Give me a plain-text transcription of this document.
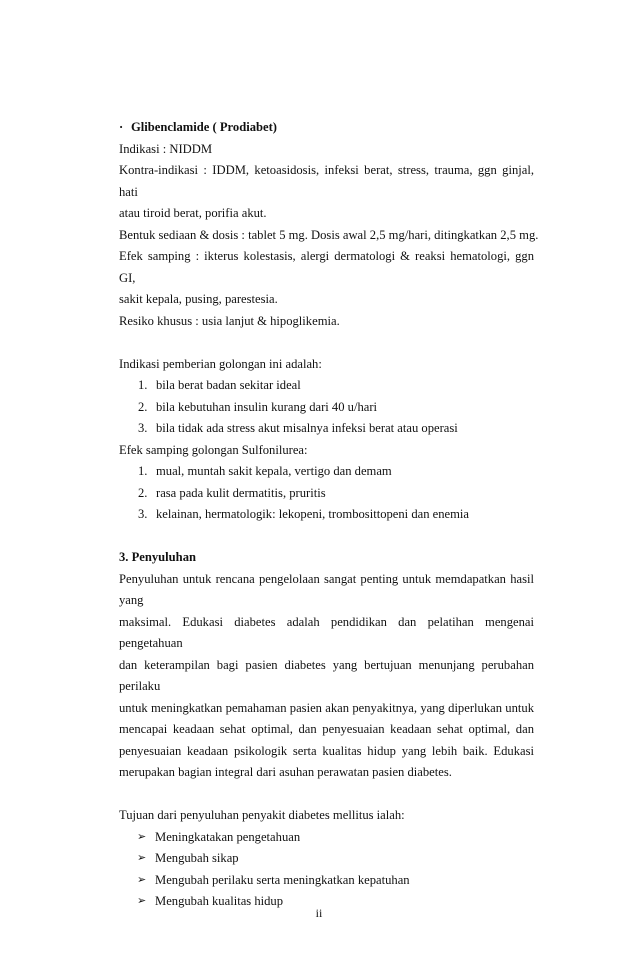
· Glibenclamide ( Prodiabet)
Indikasi : NIDDM
Kontra-indikasi : IDDM, ketoasidosis, infeksi berat, stress, trauma, ggn ginjal, hati
atau tiroid berat, porifia akut.
Bentuk sediaan & dosis : tablet 5 mg. Dosis awal 2,5 mg/hari, ditingkatkan 2,5 mg.
Efek samping : ikterus kolestasis, alergi dermatologi & reaksi hematologi, ggn GI,
sakit kepala, pusing, parestesia.
Resiko khusus : usia lanjut & hipoglikemia.
Indikasi pemberian golongan ini adalah:
1. bila berat badan sekitar ideal
2. bila kebutuhan insulin kurang dari 40 u/hari
3. bila tidak ada stress akut misalnya infeksi berat atau operasi
Efek samping golongan Sulfonilurea:
1. mual, muntah sakit kepala, vertigo dan demam
2. rasa pada kulit dermatitis, pruritis
3. kelainan, hermatologik: lekopeni, trombosittopeni dan enemia
3. Penyuluhan
Penyuluhan untuk rencana pengelolaan sangat penting untuk memdapatkan hasil yang
maksimal. Edukasi diabetes adalah pendidikan dan pelatihan mengenai pengetahuan
dan keterampilan bagi pasien diabetes yang bertujuan menunjang perubahan perilaku
untuk meningkatkan pemahaman pasien akan penyakitnya, yang diperlukan untuk
mencapai keadaan sehat optimal, dan penyesuaian keadaan sehat optimal, dan
penyesuaian keadaan psikologik serta kualitas hidup yang lebih baik. Edukasi
merupakan bagian integral dari asuhan perawatan pasien diabetes.
Tujuan dari penyuluhan penyakit diabetes mellitus ialah:
➢ Meningkatakan pengetahuan
➢ Mengubah sikap
➢ Mengubah perilaku serta meningkatkan kepatuhan
➢ Mengubah kualitas hidup
ii
